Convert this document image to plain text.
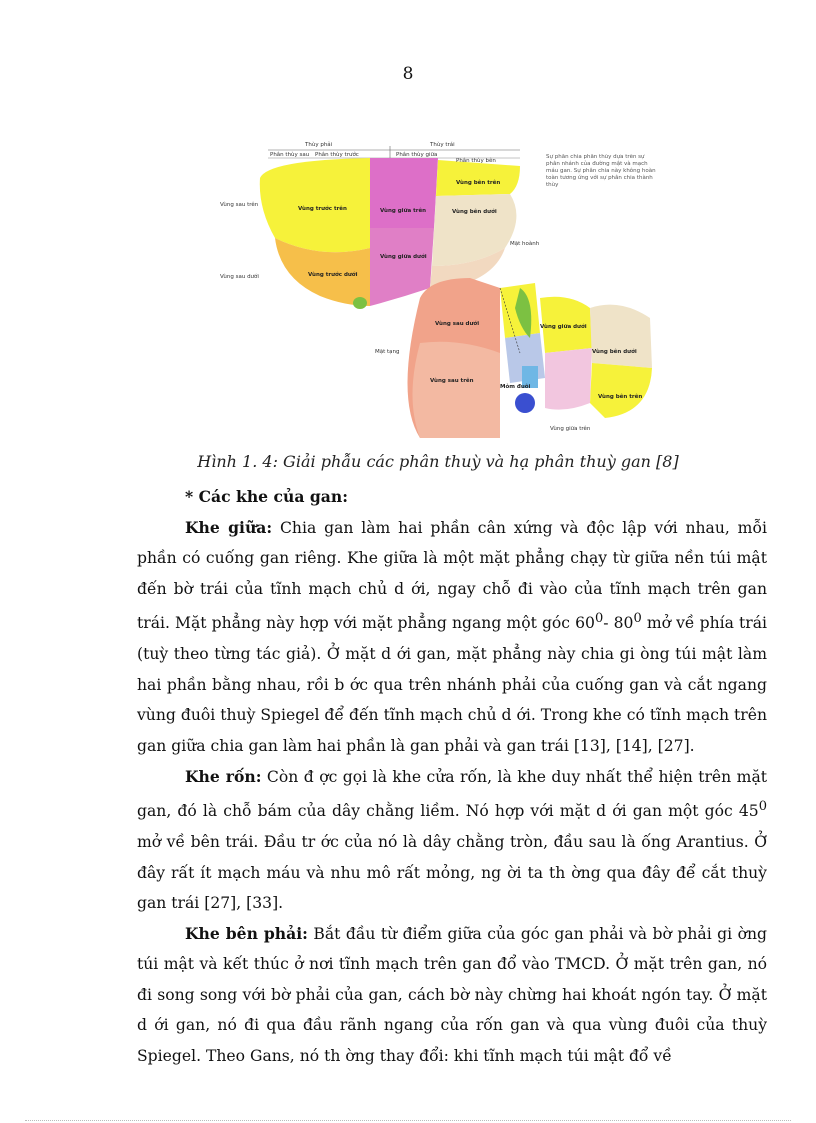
8
Vùng trước trên
Vùng trước dưới
Vùng giữa trên
Vùng giữa dưới
Vùng bên trên
Vùng bên dưới
Thùy phải	Thùy trái
Phân thùy sau Phân thùy trước	Phân thùy giữa
Phân thùy bên
Vùng sau trên
Vùng sau dưới
Mặt hoành
Sự phân chia phân thùy dựa trên sự phân nhánh của đường mật và mạch máu gan. Sự phân chia này không hoàn toàn tương ứng với sự phân chia thành thùy
Vùng sau dưới
Vùng sau trên
Mỏm đuôi
Vùng giữa dưới
Vùng bên dưới
Vùng bên trên
Mặt tạng
Vùng giữa trên
Hình 1. 4: Giải phẫu các phân thuỳ và hạ phân thuỳ gan [8]

* Các khe của gan:

Khe giữa: Chia gan làm hai phần cân xứng và độc lập với nhau, mỗi phần có cuống gan riêng. Khe giữa là một mặt phẳng chạy từ giữa nền túi mật đến bờ trái của tĩnh mạch chủ d ới, ngay chỗ đi vào của tĩnh mạch trên gan trái. Mặt phẳng này hợp với mặt phẳng ngang một góc $60^0-$ $80^0$ mở về phía trái (tuỳ theo từng tác giả). Ở mặt d ới gan, mặt phẳng này chia gi òng túi mật làm hai phần bằng nhau, rồi b ớc qua trên nhánh phải của cuống gan và cắt ngang vùng đuôi thuỳ Spiegel để đến tĩnh mạch chủ d ới. Trong khe có tĩnh mạch trên gan giữa chia gan làm hai phần là gan phải và gan trái [13], [14], [27].

Khe rốn: Còn đ ợc gọi là khe cửa rốn, là khe duy nhất thể hiện trên mặt gan, đó là chỗ bám của dây chằng liềm. Nó hợp với mặt d ới gan một góc $45^0$ mở về bên trái. Đầu tr ớc của nó là dây chằng tròn, đầu sau là ống Arantius. Ở đây rất ít mạch máu và nhu mô rất mỏng, ng ời ta th ờng qua đây để cắt thuỳ gan trái [27], [33].

Khe bên phải: Bắt đầu từ điểm giữa của góc gan phải và bờ phải gi ờng túi mật và kết thúc ở nơi tĩnh mạch trên gan đổ vào TMCD. Ở mặt trên gan, nó đi song song với bờ phải của gan, cách bờ này chừng hai khoát ngón tay. Ở mặt d ới gan, nó đi qua đầu rãnh ngang của rốn gan và qua vùng đuôi của thuỳ Spiegel. Theo Gans, nó th ờng thay đổi: khi tĩnh mạch túi mật đổ về
